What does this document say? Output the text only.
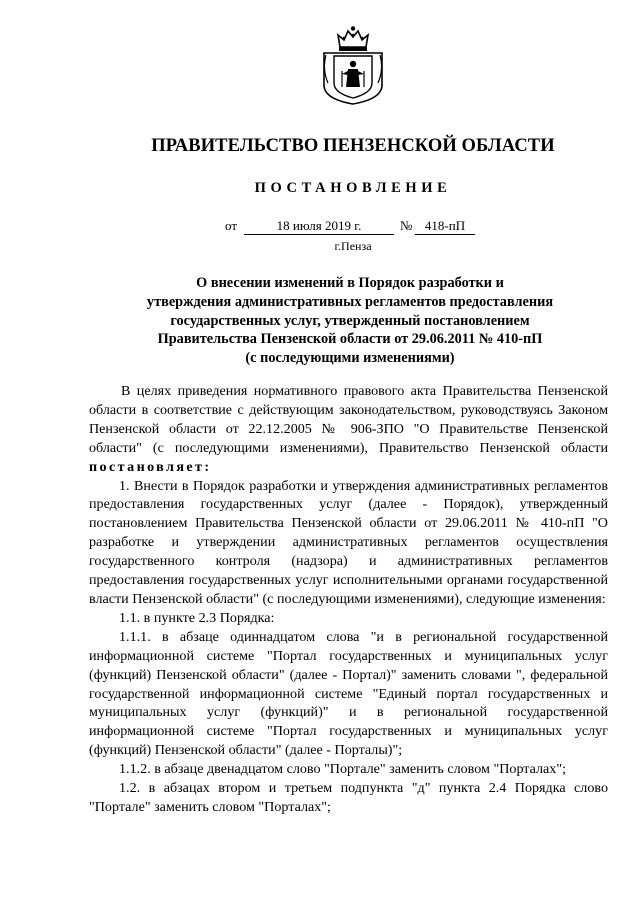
ПРАВИТЕЛЬСТВО ПЕНЗЕНСКОЙ ОБЛАСТИ
ПОСТАНОВЛЕНИЕ
от	18 июля 2019 г.	№ 418-пП
г.Пенза
О внесении изменений в Порядок разработки и
утверждения административных регламентов предоставления
государственных услуг, утвержденный постановлением
Правительства Пензенской области от 29.06.2011 № 410-пП
(с последующими изменениями)
В целях приведения нормативного правового акта Правительства Пензенской области в соответствие с действующим законодательством, руководствуясь Законом Пензенской области от 22.12.2005 № 906-ЗПО "О Правительстве Пензенской области" (с последующими изменениями), Правительство Пензенской области постановляет:
1. Внести в Порядок разработки и утверждения административных регламентов предоставления государственных услуг (далее - Порядок), утвержденный постановлением Правительства Пензенской области от 29.06.2011 № 410-пП "О разработке и утверждении административных регламентов осуществления государственного контроля (надзора) и административных регламентов предоставления государственных услуг исполнительными органами государственной власти Пензенской области" (с последующими изменениями), следующие изменения:
1.1. в пункте 2.3 Порядка:
1.1.1. в абзаце одиннадцатом слова "и в региональной государственной информационной системе "Портал государственных и муниципальных услуг (функций) Пензенской области" (далее - Портал)" заменить словами ", федеральной государственной информационной системе "Единый портал государственных и муниципальных услуг (функций)" и в региональной государственной информационной системе "Портал государственных и муниципальных услуг (функций) Пензенской области" (далее - Порталы)";
1.1.2. в абзаце двенадцатом слово "Портале" заменить словом "Порталах";
1.2. в абзацах втором и третьем подпункта "д" пункта 2.4 Порядка слово "Портале" заменить словом "Порталах";
